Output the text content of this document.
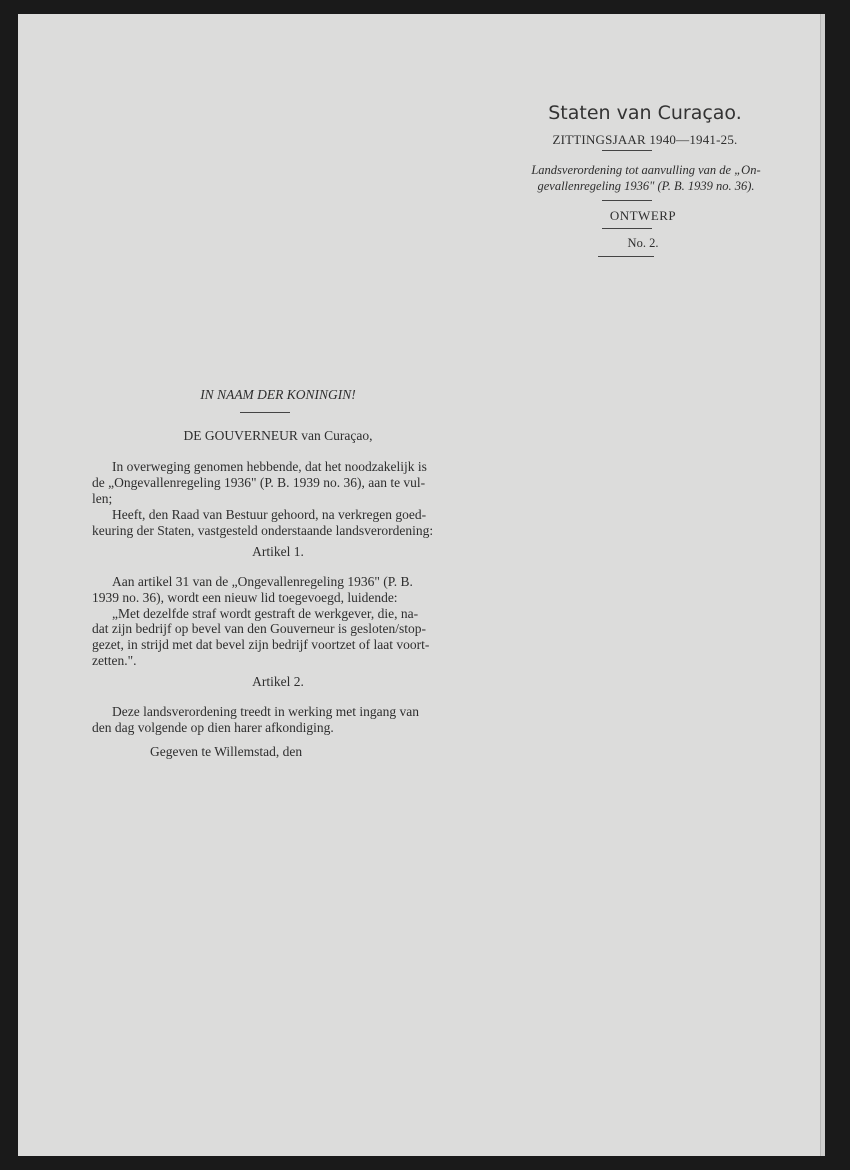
Staten van Curaçao.
ZITTINGSJAAR 1940—1941-25.
Landsverordening tot aanvulling van de „On-
gevallenregeling 1936" (P. B. 1939 no. 36).
ONTWERP
No. 2.
IN NAAM DER KONINGIN!
DE GOUVERNEUR van Curaçao,
In overweging genomen hebbende, dat het noodzakelijk is
de „Ongevallenregeling 1936" (P. B. 1939 no. 36), aan te vul-
len;
Heeft, den Raad van Bestuur gehoord, na verkregen goed-
keuring der Staten, vastgesteld onderstaande landsverordening:
Artikel 1.
Aan artikel 31 van de „Ongevallenregeling 1936" (P. B.
1939 no. 36), wordt een nieuw lid toegevoegd, luidende:
„Met dezelfde straf wordt gestraft de werkgever, die, na-
dat zijn bedrijf op bevel van den Gouverneur is gesloten/stop-
gezet, in strijd met dat bevel zijn bedrijf voortzet of laat voort-
zetten.".
Artikel 2.
Deze landsverordening treedt in werking met ingang van
den dag volgende op dien harer afkondiging.
Gegeven te Willemstad, den
